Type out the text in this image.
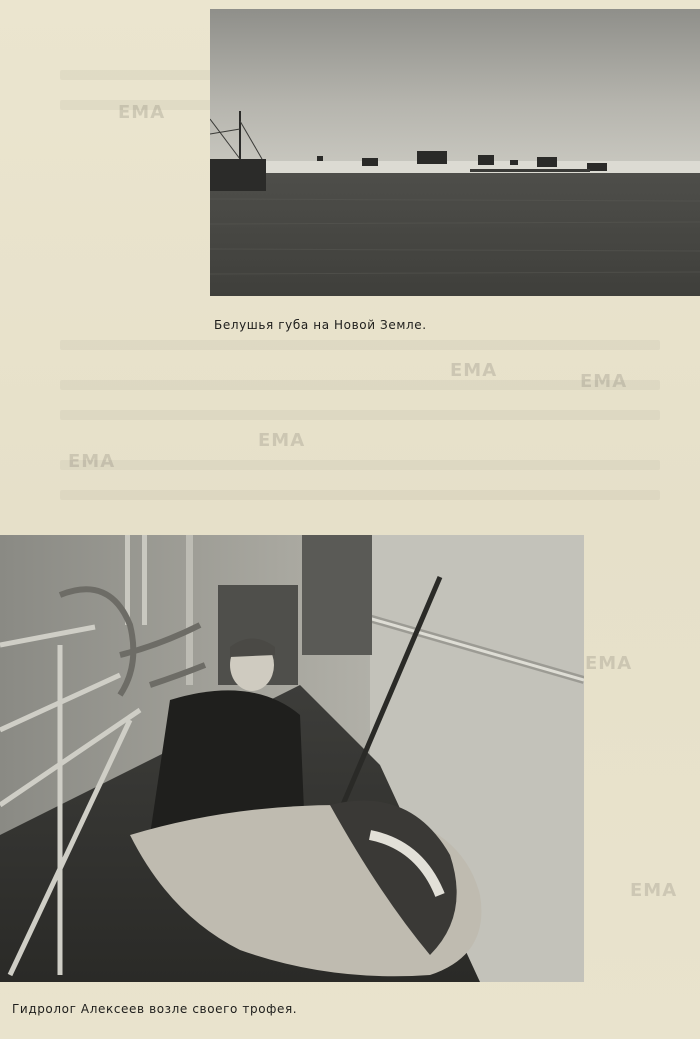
EMA
EMA
EMA
EMA
EMA
EMA
EMA
Белушья губа на Новой Земле.
Гидролог Алексеев возле своего трофея.
